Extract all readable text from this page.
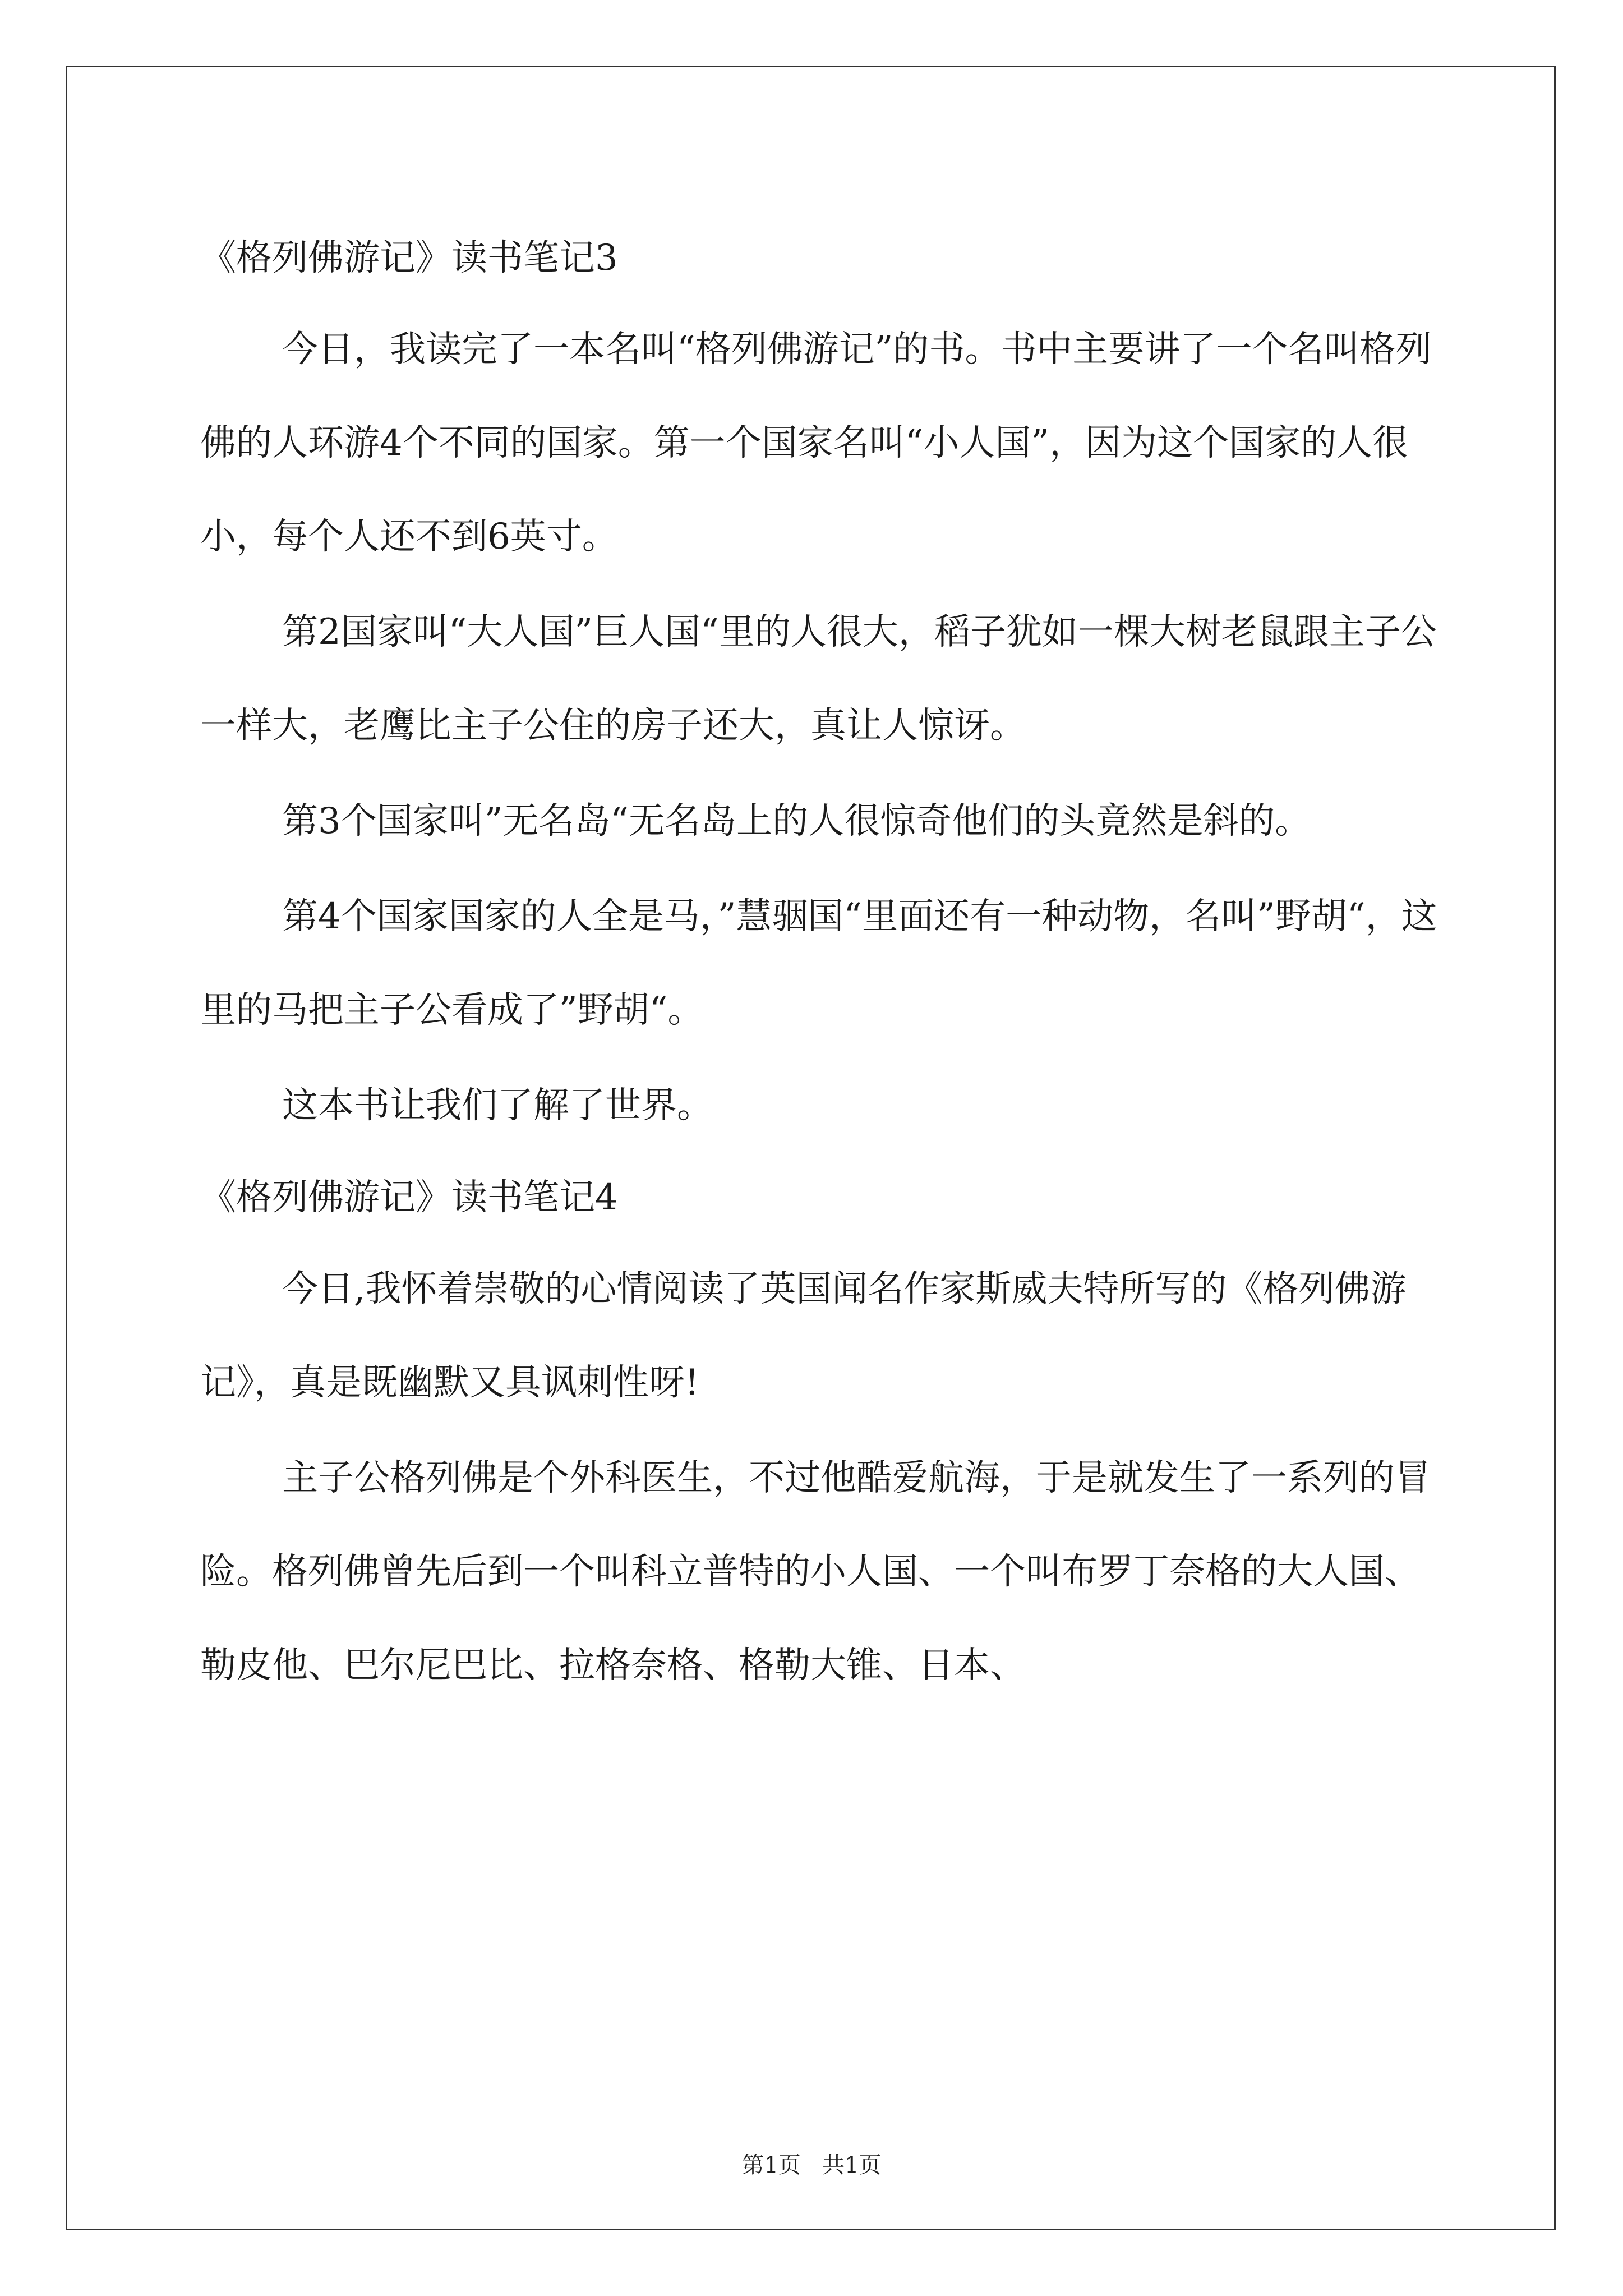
《格列佛游记》读书笔记3

今日，我读完了一本名叫“格列佛游记”的书。书中主要讲了一个名叫格列佛的人环游4个不同的国家。第一个国家名叫“小人国”，因为这个国家的人很小，每个人还不到6英寸。

第2国家叫“大人国”巨人国“里的人很大，稻子犹如一棵大树老鼠跟主子公一样大，老鹰比主子公住的房子还大，真让人惊讶。

第3个国家叫”无名岛“无名岛上的人很惊奇他们的头竟然是斜的。

第4个国家国家的人全是马，”慧骃国“里面还有一种动物，名叫”野胡“，这里的马把主子公看成了”野胡“。

这本书让我们了解了世界。

《格列佛游记》读书笔记4

今日,我怀着崇敬的心情阅读了英国闻名作家斯威夫特所写的《格列佛游记》，真是既幽默又具讽刺性呀!

主子公格列佛是个外科医生，不过他酷爱航海，于是就发生了一系列的冒险。格列佛曾先后到一个叫科立普特的小人国、一个叫布罗丁奈格的大人国、勒皮他、巴尔尼巴比、拉格奈格、格勒大锥、日本、

第1页   共1页
